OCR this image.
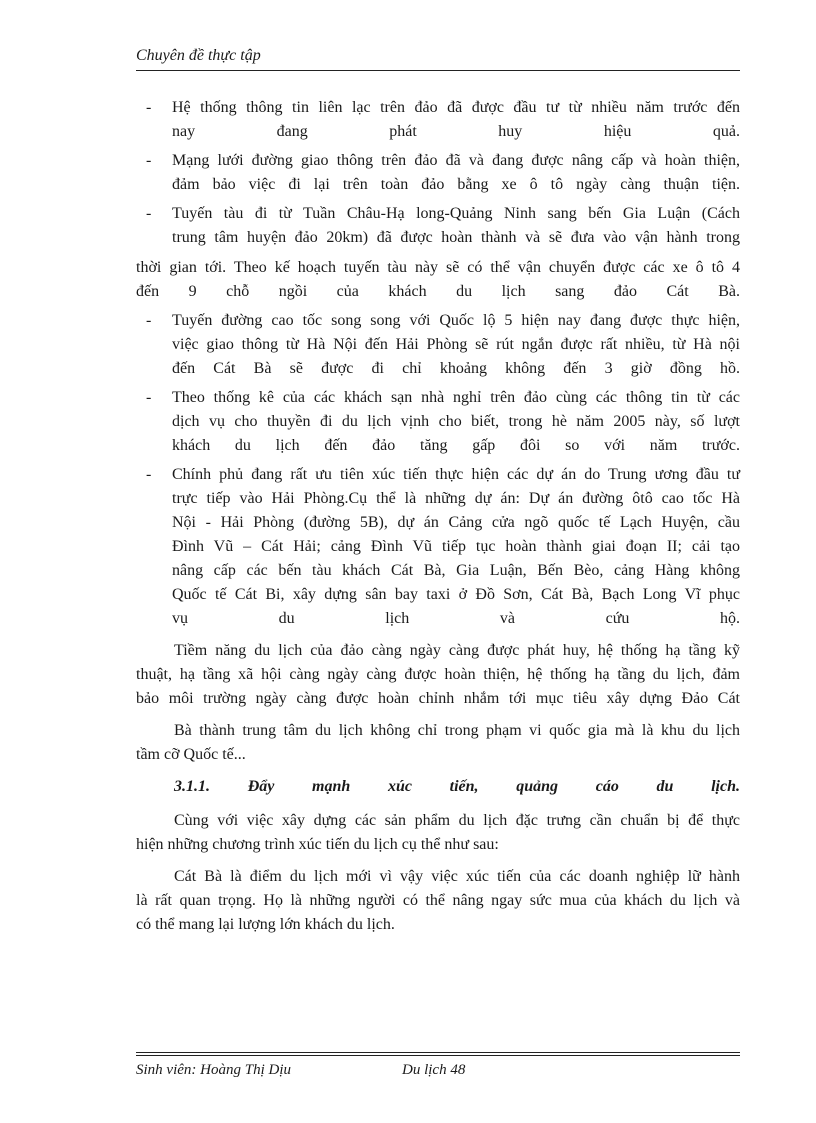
Chuyên đề thực tập
- Hệ thống thông tin liên lạc trên đảo đã được đầu tư từ nhiều năm trước đến
nay đang phát huy hiệu quả.
- Mạng lưới đường giao thông trên đảo đã và đang được nâng cấp và hoàn thiện,
đảm bảo việc đi lại trên toàn đảo bằng xe ô tô ngày càng thuận tiện.
- Tuyến tàu đi từ Tuần Châu-Hạ long-Quảng Ninh sang bến Gia Luận (Cách
trung tâm huyện đảo 20km) đã được hoàn thành và sẽ đưa vào vận hành trong
thời gian tới. Theo kế hoạch tuyến tàu này sẽ có thể vận chuyển được các xe ô tô 4
đến 9 chỗ ngồi của khách du lịch sang đảo Cát Bà.
- Tuyến đường cao tốc song song với Quốc lộ 5 hiện nay đang được thực hiện,
việc giao thông từ Hà Nội đến Hải Phòng sẽ rút ngắn được rất nhiều, từ Hà nội
đến Cát Bà sẽ được đi chỉ khoảng không đến 3 giờ đồng hồ.
- Theo thống kê của các khách sạn nhà nghỉ trên đảo cùng các thông tin từ các
dịch vụ cho thuyền đi du lịch vịnh cho biết, trong hè năm 2005 này, số lượt
khách du lịch đến đảo tăng gấp đôi so với năm trước.
- Chính phủ đang rất ưu tiên xúc tiến thực hiện các dự án do Trung ương đầu tư
trực tiếp vào Hải Phòng.Cụ thể là những dự án: Dự án đường ôtô cao tốc Hà
Nội - Hải Phòng (đường 5B), dự án Cảng cửa ngõ quốc tế Lạch Huyện, cầu
Đình Vũ – Cát Hải; cảng Đình Vũ tiếp tục hoàn thành giai đoạn II; cải tạo
nâng cấp các bến tàu khách Cát Bà, Gia Luận, Bến Bèo, cảng Hàng không
Quốc tế Cát Bi, xây dựng sân bay taxi ở Đồ Sơn, Cát Bà, Bạch Long Vĩ phục
vụ du lịch và cứu hộ.
Tiềm năng du lịch của đảo càng ngày càng được phát huy, hệ thống hạ tầng kỹ
thuật, hạ tầng xã hội càng ngày càng được hoàn thiện, hệ thống hạ tầng du lịch, đảm
bảo môi trường ngày càng được hoàn chỉnh nhắm tới mục tiêu xây dựng Đảo Cát
Bà thành trung tâm du lịch không chỉ trong phạm vi quốc gia mà là khu du lịch
tầm cỡ Quốc tế...
3.1.1. Đẩy mạnh xúc tiến, quảng cáo du lịch.
Cùng với việc xây dựng các sản phẩm du lịch đặc trưng cần chuẩn bị để thực
hiện những chương trình xúc tiến du lịch cụ thể như sau:
Cát Bà là điểm du lịch mới vì vậy việc xúc tiến của các doanh nghiệp lữ hành
là rất quan trọng. Họ là những người có thể nâng ngay sức mua của khách du lịch và
có thể mang lại lượng lớn khách du lịch.
Sinh viên: Hoàng Thị Dịu	Du lịch 48
